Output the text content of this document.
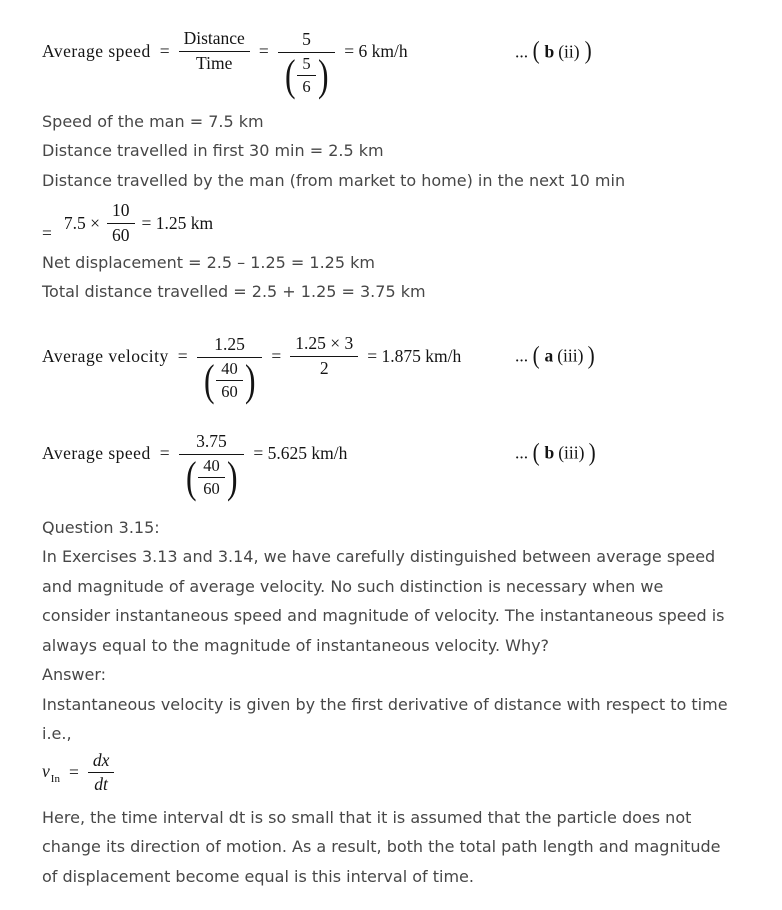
Average speed = $\frac{\text{Distance}}{\text{Time}}$ =
5
( $\frac{5}{6}$ )
= 6 km/h	... ( b (ii) )
Speed of the man = 7.5 km
Distance travelled in first 30 min = 2.5 km
Distance travelled by the man (from market to home) in the next 10 min
= $7.5 \times \frac{10}{60} = 1.25$ km
Net displacement = 2.5 – 1.25 = 1.25 km
Total distance travelled = 2.5 + 1.25 = 3.75 km
Average velocity =
1.25
( $\frac{40}{60}$ )
= $\frac{1.25 \times 3}{2} = 1.875$ km/h	... ( a (iii) )
Average speed =
3.75
( $\frac{40}{60}$ )
= 5.625 km/h	... ( b (iii) )
Question 3.15:
In Exercises 3.13 and 3.14, we have carefully distinguished between average speed
and magnitude of average velocity. No such distinction is necessary when we
consider instantaneous speed and magnitude of velocity. The instantaneous speed is
always equal to the magnitude of instantaneous velocity. Why?
Answer:
Instantaneous velocity is given by the first derivative of distance with respect to time
i.e.,
$v_{In} = \frac{dx}{dt}$
Here, the time interval dt is so small that it is assumed that the particle does not
change its direction of motion. As a result, both the total path length and magnitude
of displacement become equal is this interval of time.
